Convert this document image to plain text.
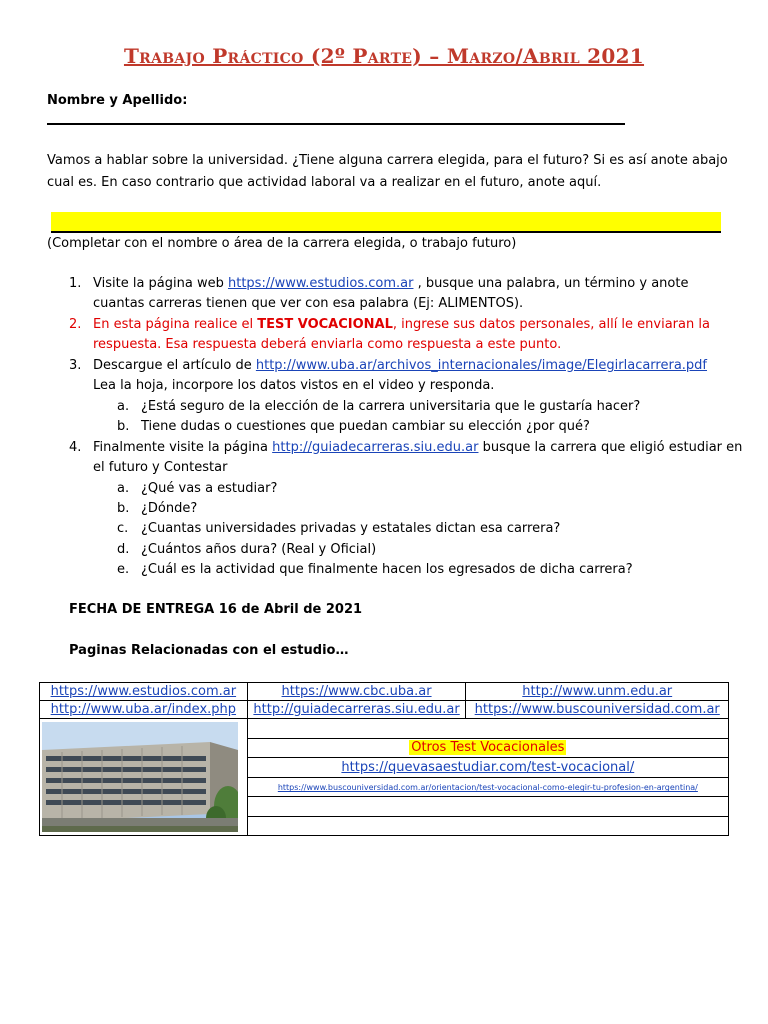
Trabajo Práctico (2º Parte) – Marzo/Abril 2021
Nombre y Apellido:
Vamos a hablar sobre la universidad. ¿Tiene alguna carrera elegida, para el futuro? Si es así anote abajo
cual es. En caso contrario que actividad laboral va a realizar en el futuro, anote aquí.
(Completar con el nombre o área de la carrera elegida, o trabajo futuro)
1. Visite la página web https://www.estudios.com.ar , busque una palabra, un término y anote
cuantas carreras tienen que ver con esa palabra (Ej: ALIMENTOS).
2. En esta página realice el TEST VOCACIONAL, ingrese sus datos personales, allí le enviaran la
respuesta. Esa respuesta deberá enviarla como respuesta a este punto.
3. Descargue el artículo de http://www.uba.ar/archivos_internacionales/image/Elegirlacarrera.pdf
Lea la hoja, incorpore los datos vistos en el video y responda.
a. ¿Está seguro de la elección de la carrera universitaria que le gustaría hacer?
b. Tiene dudas o cuestiones que puedan cambiar su elección ¿por qué?
4. Finalmente visite la página http://guiadecarreras.siu.edu.ar busque la carrera que eligió estudiar en
el futuro y Contestar
a. ¿Qué vas a estudiar?
b. ¿Dónde?
c. ¿Cuantas universidades privadas y estatales dictan esa carrera?
d. ¿Cuántos años dura? (Real y Oficial)
e. ¿Cuál es la actividad que finalmente hacen los egresados de dicha carrera?
FECHA DE ENTREGA 16 de Abril de 2021
Paginas Relacionadas con el estudio…
https://www.estudios.com.ar	https://www.cbc.uba.ar	http://www.unm.edu.ar
http://www.uba.ar/index.php	http://guiadecarreras.siu.edu.ar	https://www.buscouniversidad.com.ar

	Otros Test Vocacionales	
	https://quevasaestudiar.com/test-vocacional/	
	https://www.buscouniversidad.com.ar/orientacion/test-vocacional-como-elegir-tu-profesion-en-argentina/	
